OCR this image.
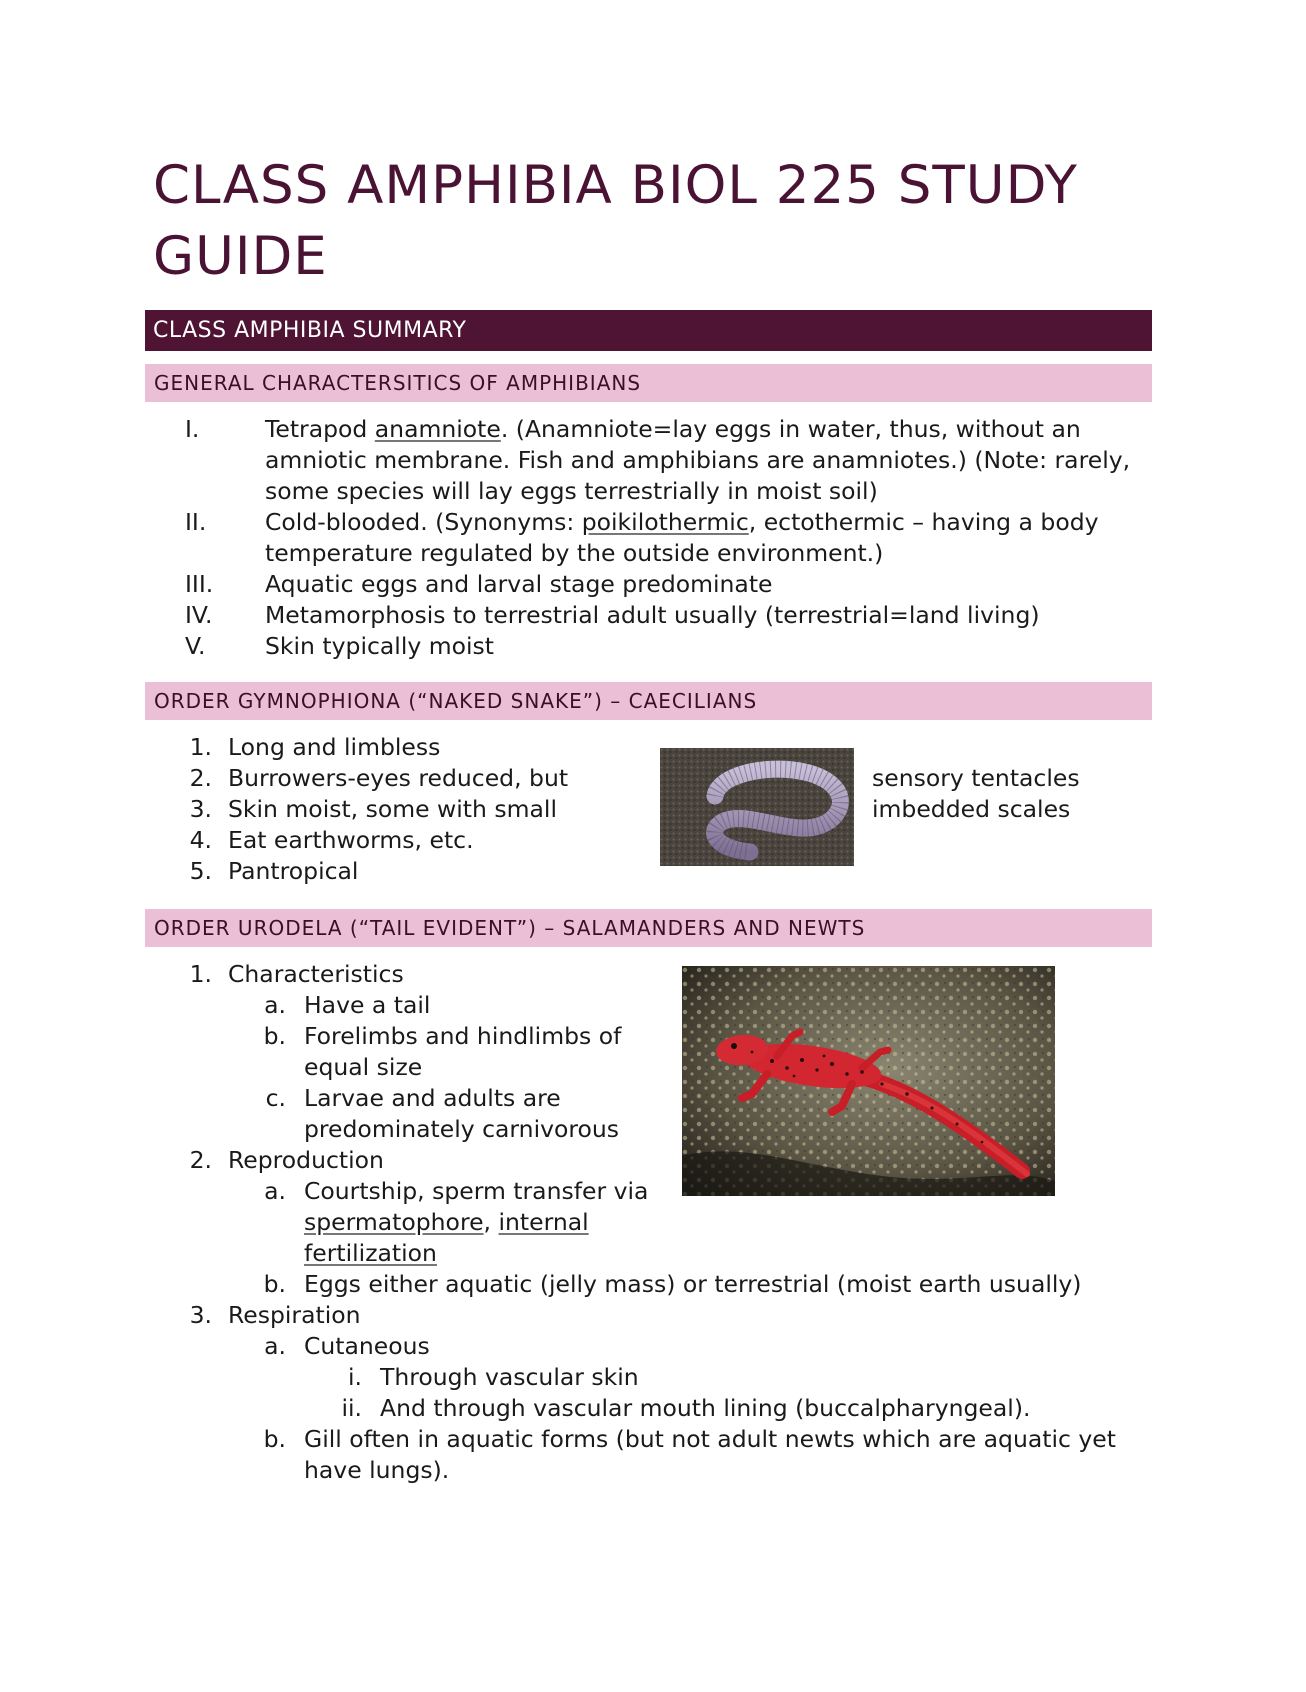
CLASS AMPHIBIA BIOL 225 STUDY GUIDE
CLASS AMPHIBIA SUMMARY
GENERAL CHARACTERSITICS OF AMPHIBIANS
I.	Tetrapod anamniote. (Anamniote=lay eggs in water, thus, without an
amniotic membrane. Fish and amphibians are anamniotes.) (Note: rarely,
some species will lay eggs terrestrially in moist soil)
II.	Cold-blooded. (Synonyms: poikilothermic, ectothermic – having a body
temperature regulated by the outside environment.)
III.	Aquatic eggs and larval stage predominate
IV.	Metamorphosis to terrestrial adult usually (terrestrial=land living)
V.	Skin typically moist
ORDER GYMNOPHIONA (“NAKED SNAKE”) – CAECILIANS
1. Long and limbless
2. Burrowers-eyes reduced, but
3. Skin moist, some with small
4. Eat earthworms, etc.
5. Pantropical
sensory tentacles
imbedded scales
ORDER URODELA (“TAIL EVIDENT”) – SALAMANDERS AND NEWTS
1. Characteristics
a. Have a tail
b. Forelimbs and hindlimbs of
equal size
c. Larvae and adults are
predominately carnivorous
2. Reproduction
a. Courtship, sperm transfer via
spermatophore, internal
fertilization
b. Eggs either aquatic (jelly mass) or terrestrial (moist earth usually)
3. Respiration
a. Cutaneous
i. Through vascular skin
ii. And through vascular mouth lining (buccalpharyngeal).
b. Gill often in aquatic forms (but not adult newts which are aquatic yet
have lungs).
